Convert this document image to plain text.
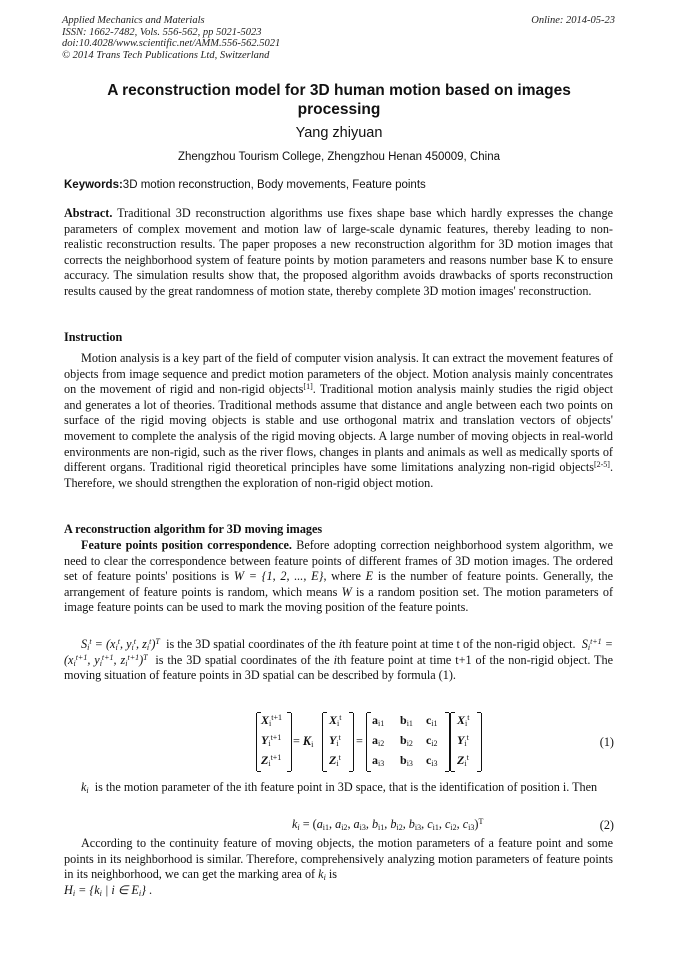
Applied Mechanics and Materials
ISSN: 1662-7482, Vols. 556-562, pp 5021-5023
doi:10.4028/www.scientific.net/AMM.556-562.5021
© 2014 Trans Tech Publications Ltd, Switzerland
Online: 2014-05-23
A reconstruction model for 3D human motion based on images
processing
Yang zhiyuan
Zhengzhou Tourism College, Zhengzhou Henan 450009, China
Keywords:3D motion reconstruction, Body movements, Feature points

Abstract. Traditional 3D reconstruction algorithms use fixes shape base which hardly expresses the change parameters of complex movement and motion law of large-scale dynamic features, thereby leading to non-realistic reconstruction results. The paper proposes a new reconstruction algorithm for 3D motion images that corrects the neighborhood system of feature points by motion parameters and reasons number base K to ensure accuracy. The simulation results show that, the proposed algorithm avoids drawbacks of sports reconstruction results caused by the great randomness of motion state, thereby complete 3D motion images' reconstruction.

Instruction

Motion analysis is a key part of the field of computer vision analysis. It can extract the movement features of objects from image sequence and predict motion parameters of the object. Motion analysis mainly concentrates on the movement of rigid and non-rigid objects[1]. Traditional motion analysis mainly studies the rigid object and generates a lot of theories. Traditional methods assume that distance and angle between each two points on surface of the rigid moving objects is stable and use orthogonal matrix and translation vectors of objects' movement to complete the analysis of the rigid moving objects. A large number of moving objects in real-world environments are non-rigid, such as the river flows, changes in plants and animals as well as medically sports of different organs. Traditional rigid theoretical principles have some limitations analyzing non-rigid objects[2-5]. Therefore, we should strengthen the exploration of non-rigid object motion.

A reconstruction algorithm for 3D moving images

Feature points position correspondence. Before adopting correction neighborhood system algorithm, we need to clear the correspondence between feature points of different frames of 3D motion images. The ordered set of feature points' positions is W = {1, 2, ..., E}, where E is the number of feature points. Generally, the arrangement of feature points is random, which means W is a random position set. The motion parameters of image feature points can be used to mark the moving position of the feature points.

$S_i^t = (x_i^t$, $y_i^t$, $z_i^t)^T$ is the 3D spatial coordinates of the ith feature point at time t of the non-rigid object. $S_i^{t+1} = (x_i^{t+1}$, $y_i^{t+1}$, $z_i^{t+1})^T$ is the 3D spatial coordinates of the ith feature point at time t+1 of the non-rigid object. The moving situation of feature points in 3D spatial can be described by formula (1).

$X_i^{t+1}$
$Y_i^{t+1}$
$Z_i^{t+1}$
= $K_i$
$X_i^t$
$Y_i^t$
$Z_i^t$
=
$a_{i1}$ $b_{i1}$ $c_{i1}$
$a_{i2}$ $b_{i2}$ $c_{i2}$
$a_{i3}$ $b_{i3}$ $c_{i3}$
$X_i^t$
$Y_i^t$
$Z_i^t$
(1)

$k_i$ is the motion parameter of the ith feature point in 3D space, that is the identification of position i. Then

$k_i = (a_{i1}$, $a_{i2}$, $a_{i3}$, $b_{i1}$, $b_{i2}$, $b_{i3}$, $c_{i1}$, $c_{i2}$, $c_{i3})^T$	(2)

According to the continuity feature of moving objects, the motion parameters of a feature point and some points in its neighborhood is similar. Therefore, comprehensively analyzing motion parameters of feature points in its neighborhood, we can get the marking area of $k_i$ is
$H_i = \{k_i$ | i ∈ $E_i$} .
